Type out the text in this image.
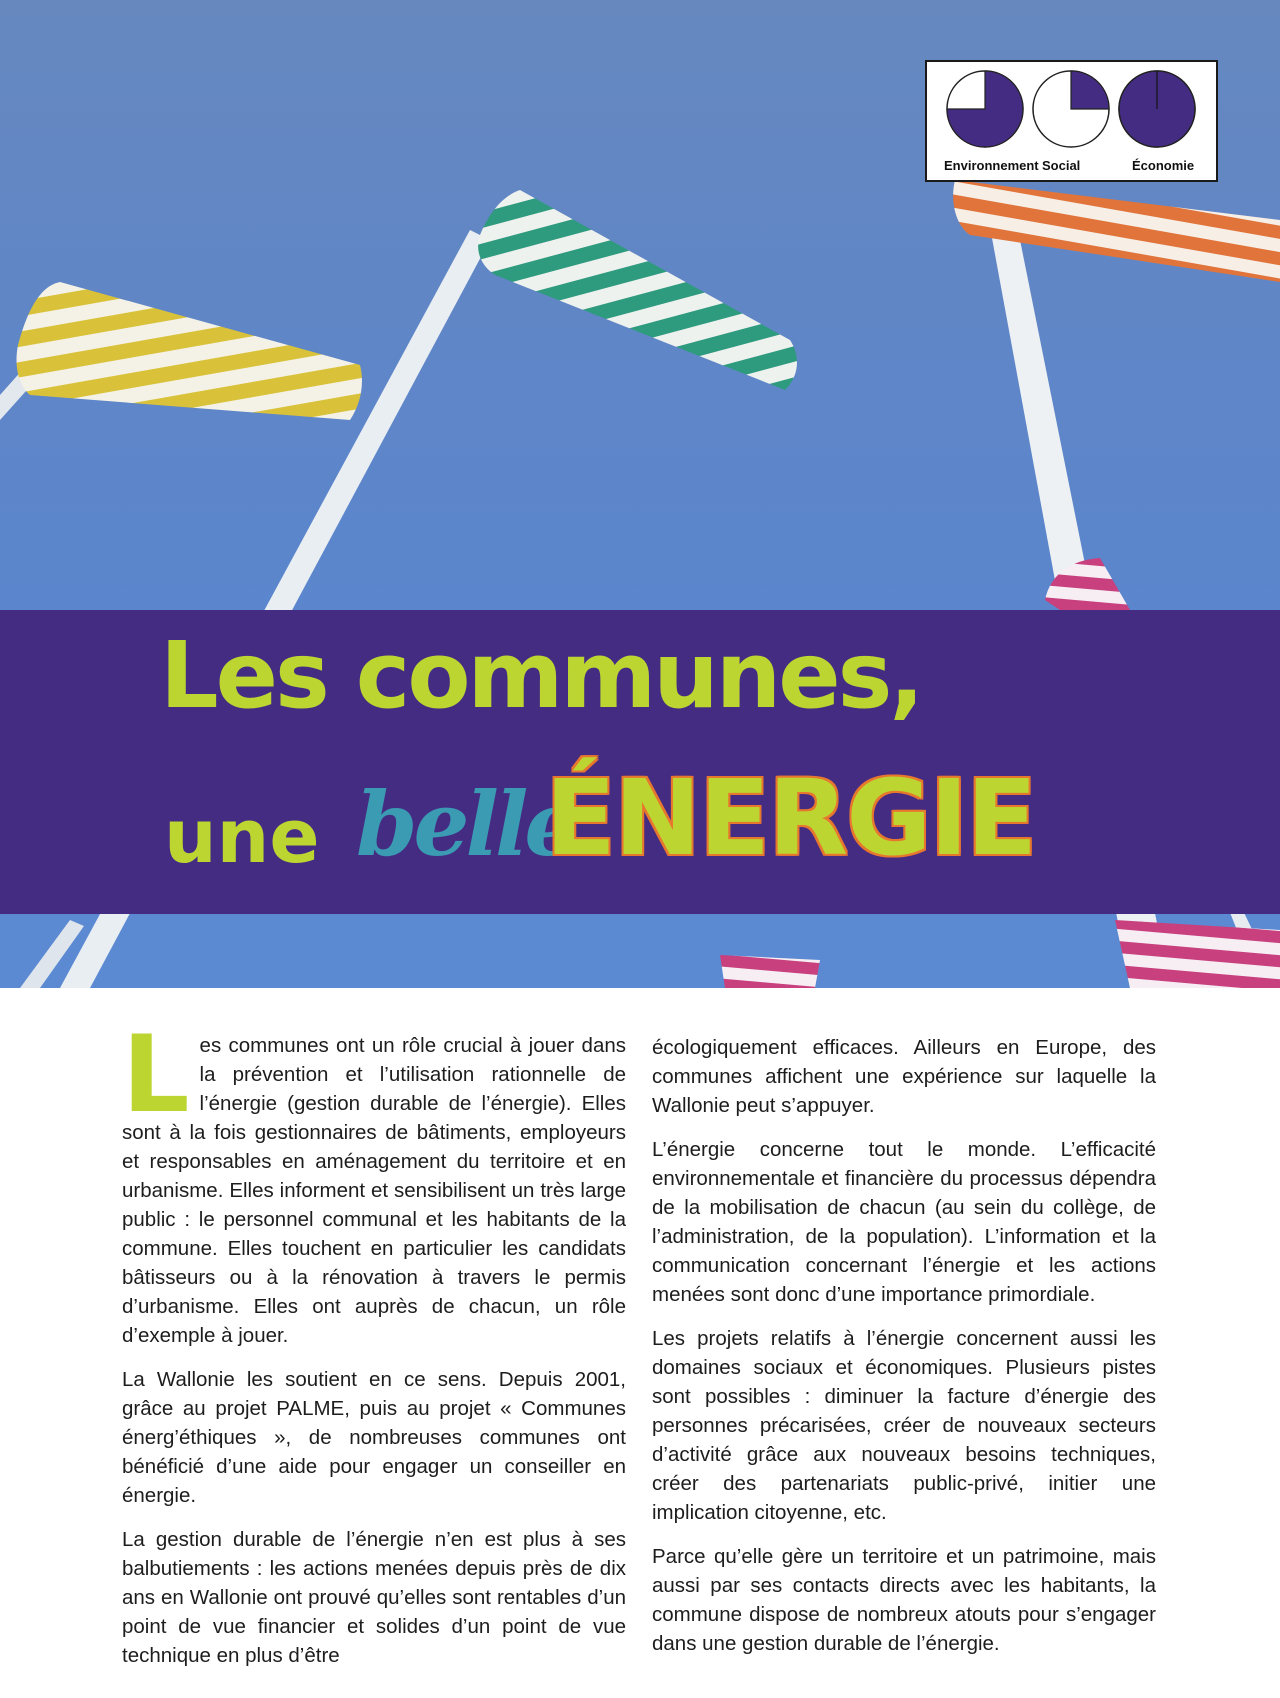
Environnement Social	Économie
Les communes,
une belle
ÉNERGIE

Les communes ont un rôle crucial à jouer dans la prévention et l’utilisation rationnelle de l’énergie (gestion durable de l’énergie). Elles sont à la fois gestionnaires de bâtiments, employeurs et responsables en aménagement du territoire et en urbanisme. Elles informent et sensibilisent un très large public : le personnel communal et les habitants de la commune. Elles touchent en particulier les candidats bâtisseurs ou à la rénovation à travers le permis d’urbanisme. Elles ont auprès de chacun, un rôle d’exemple à jouer.

La Wallonie les soutient en ce sens. Depuis 2001, grâce au projet PALME, puis au projet « Communes énerg’éthiques », de nombreuses communes ont bénéficié d’une aide pour engager un conseiller en énergie.

La gestion durable de l’énergie n’en est plus à ses balbutiements : les actions menées depuis près de dix ans en Wallonie ont prouvé qu’elles sont rentables d’un point de vue financier et solides d’un point de vue technique en plus d’être

écologiquement efficaces. Ailleurs en Europe, des communes affichent une expérience sur laquelle la Wallonie peut s’appuyer.

L’énergie concerne tout le monde. L’efficacité environnementale et financière du processus dépendra de la mobilisation de chacun (au sein du collège, de l’administration, de la population). L’information et la communication concernant l’énergie et les actions menées sont donc d’une importance primordiale.

Les projets relatifs à l’énergie concernent aussi les domaines sociaux et économiques. Plusieurs pistes sont possibles : diminuer la facture d’énergie des personnes précarisées, créer de nouveaux secteurs d’activité grâce aux nouveaux besoins techniques, créer des partenariats public-privé, initier une implication citoyenne, etc.

Parce qu’elle gère un territoire et un patrimoine, mais aussi par ses contacts directs avec les habitants, la commune dispose de nombreux atouts pour s’engager dans une gestion durable de l’énergie.
